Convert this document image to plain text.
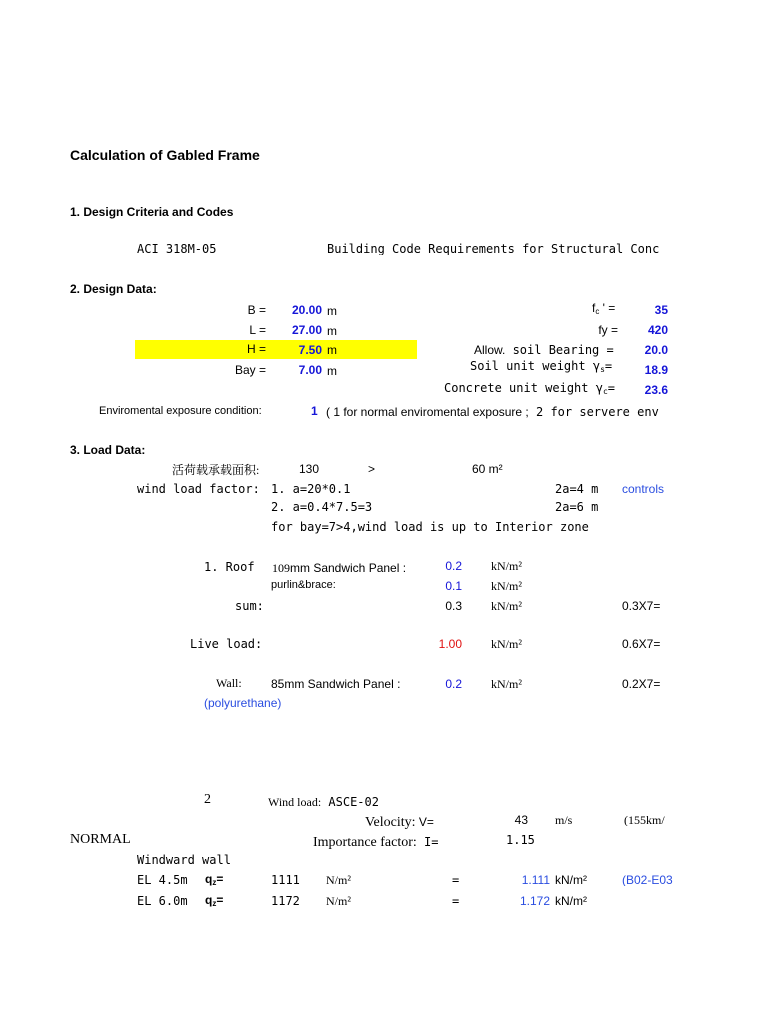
Calculation of Gabled Frame
1. Design Criteria and Codes
ACI 318M-05	Building Code Requirements for Structural Conc
2. Design Data:
B =	20.00 m
L =	27.00 m
H =	7.50 m
Bay =	7.00 m
$f_c$ ' =	35
fy =	420
Allow. soil Bearing =	20.0
Soil unit weight $\gamma_s=$	18.9
Concrete unit weight $\gamma_c=$	23.6
Enviromental exposure condition:	1 ( 1 for normal enviromental exposure ; 2 for servere env
3. Load Data:
活荷载承载面积:	130	>	60 m²
wind load factor: 1. a=20*0.1	2a=4 m controls
2. a=0.4*7.5=3	2a=6 m
for bay=7>4,wind load is up to Interior zone
1. Roof 109mm Sandwich Panel :	0.2 kN/m²
purlin&brace:	0.1 kN/m²
sum:	0.3 kN/m²	0.3X7=
Live load:	1.00 kN/m²	0.6X7=
Wall: 85mm Sandwich Panel :	0.2 kN/m²	0.2X7=
(polyurethane)
2	Wind load: ASCE-02
Velocity: V=	43 m/s	(155km/
NORMAL	Importance factor: I=	1.15
Windward wall
EL 4.5m $q_z=$	1111 N/m²	=	1.111 kN/m²	(B02-E03
EL 6.0m $q_z=$	1172 N/m²	=	1.172 kN/m²
